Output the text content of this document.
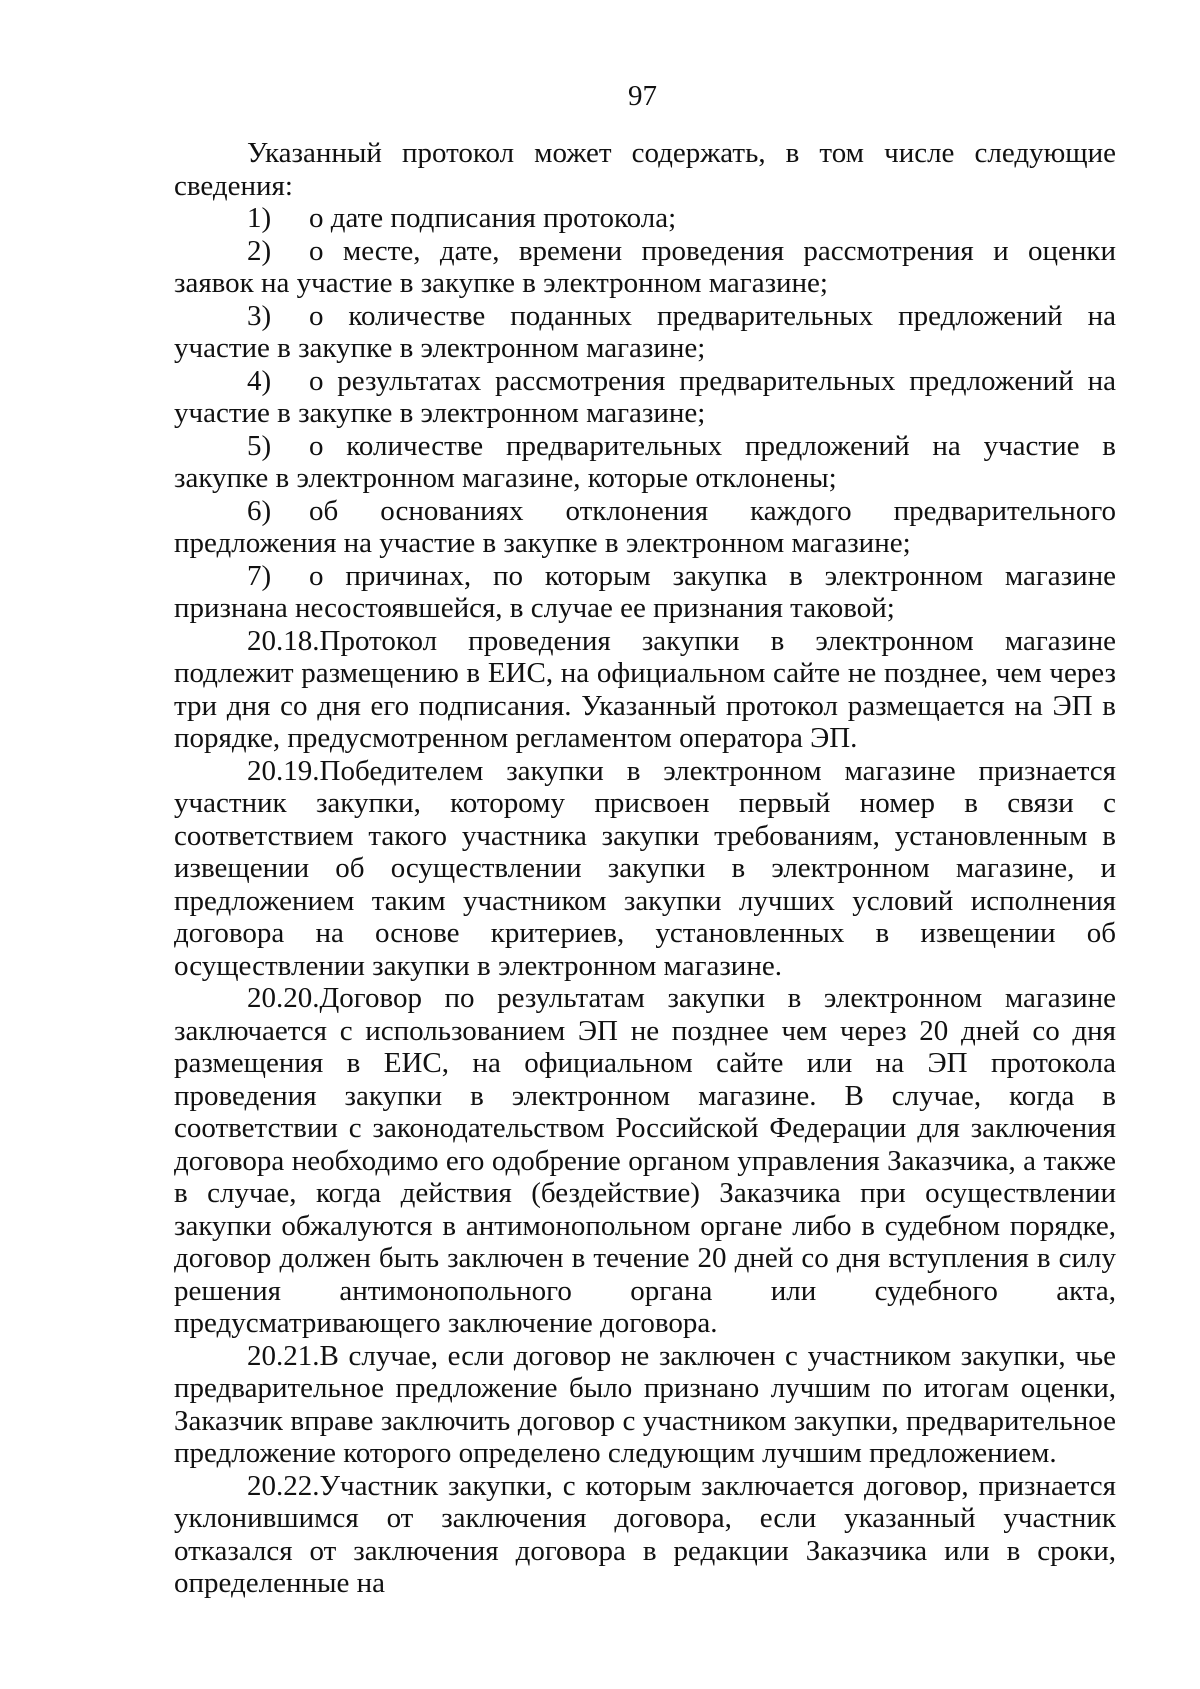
97

Указанный протокол может содержать, в том числе следующие сведения:

1) о дате подписания протокола;

2) о месте, дате, времени проведения рассмотрения и оценки заявок на участие в закупке в электронном магазине;

3) о количестве поданных предварительных предложений на участие в закупке в электронном магазине;

4) о результатах рассмотрения предварительных предложений на участие в закупке в электронном магазине;

5) о количестве предварительных предложений на участие в закупке в электронном магазине, которые отклонены;

6) об основаниях отклонения каждого предварительного предложения на участие в закупке в электронном магазине;

7) о причинах, по которым закупка в электронном магазине признана несостоявшейся, в случае ее признания таковой;

20.18.Протокол проведения закупки в электронном магазине подлежит размещению в ЕИС, на официальном сайте не позднее, чем через три дня со дня его подписания. Указанный протокол размещается на ЭП в порядке, предусмотренном регламентом оператора ЭП.

20.19.Победителем закупки в электронном магазине признается участник закупки, которому присвоен первый номер в связи с соответствием такого участника закупки требованиям, установленным в извещении об осуществлении закупки в электронном магазине, и предложением таким участником закупки лучших условий исполнения договора на основе критериев, установленных в извещении об осуществлении закупки в электронном магазине.

20.20.Договор по результатам закупки в электронном магазине заключается с использованием ЭП не позднее чем через 20 дней со дня размещения в ЕИС, на официальном сайте или на ЭП протокола проведения закупки в электронном магазине. В случае, когда в соответствии с законодательством Российской Федерации для заключения договора необходимо его одобрение органом управления Заказчика, а также в случае, когда действия (бездействие) Заказчика при осуществлении закупки обжалуются в антимонопольном органе либо в судебном порядке, договор должен быть заключен в течение 20 дней со дня вступления в силу решения антимонопольного органа или судебного акта, предусматривающего заключение договора.

20.21.В случае, если договор не заключен с участником закупки, чье предварительное предложение было признано лучшим по итогам оценки, Заказчик вправе заключить договор с участником закупки, предварительное предложение которого определено следующим лучшим предложением.

20.22.Участник закупки, с которым заключается договор, признается уклонившимся от заключения договора, если указанный участник отказался от заключения договора в редакции Заказчика или в сроки, определенные на
